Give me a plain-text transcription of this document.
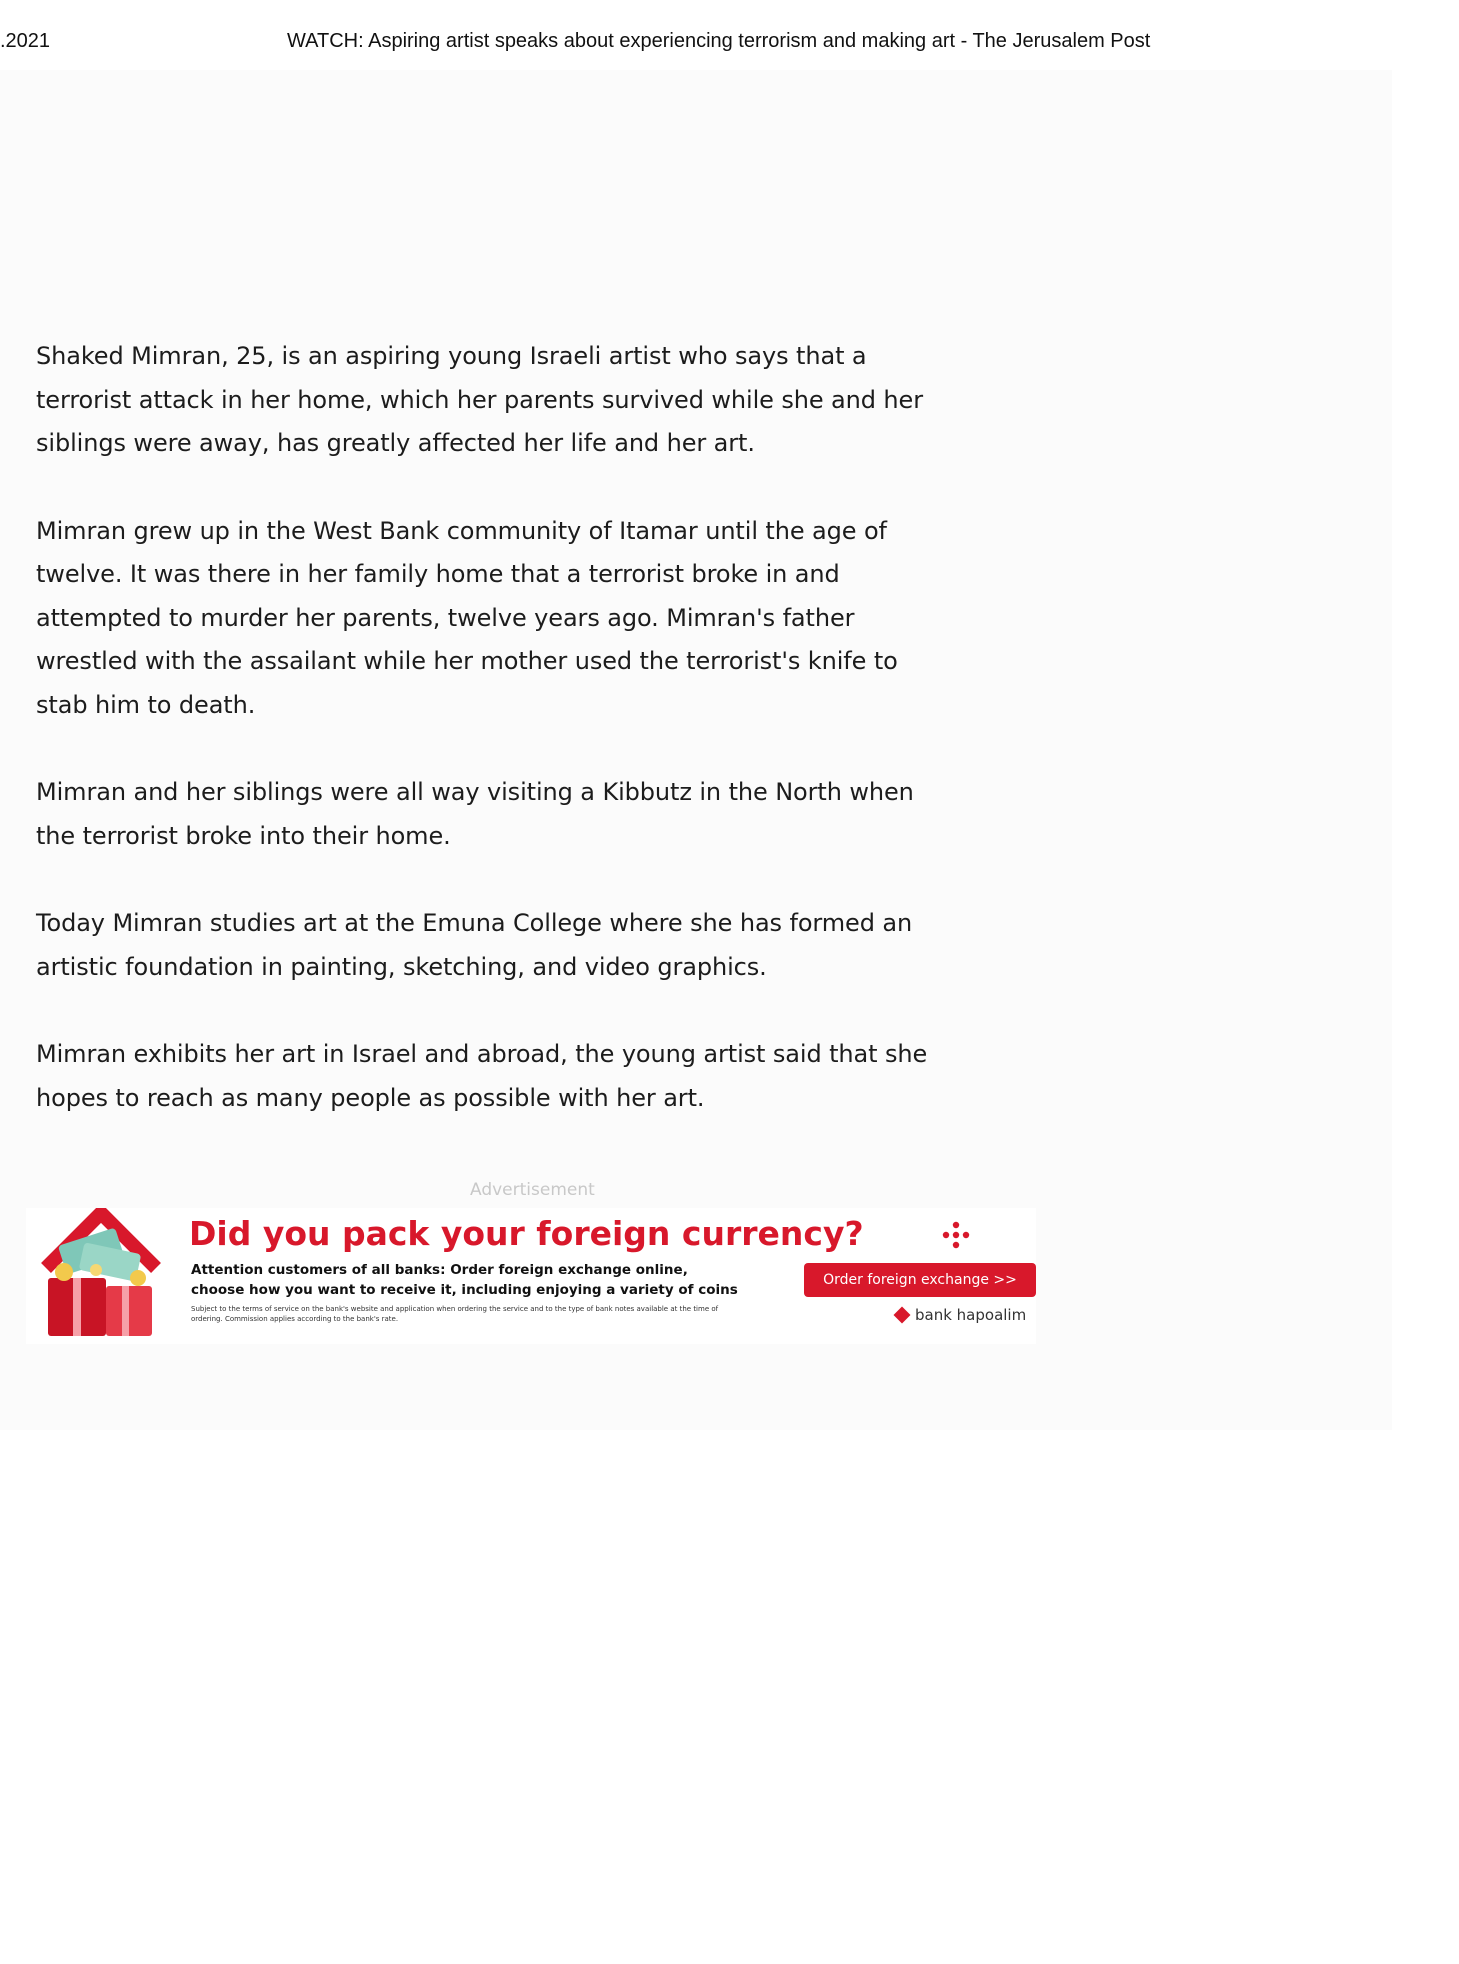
.2021	WATCH: Aspiring artist speaks about experiencing terrorism and making art - The Jerusalem Post

Shaked Mimran, 25, is an aspiring young Israeli artist who says that a terrorist attack in her home, which her parents survived while she and her siblings were away, has greatly affected her life and her art.

Mimran grew up in the West Bank community of Itamar until the age of twelve. It was there in her family home that a terrorist broke in and attempted to murder her parents, twelve years ago. Mimran's father wrestled with the assailant while her mother used the terrorist's knife to stab him to death.

Mimran and her siblings were all way visiting a Kibbutz in the North when the terrorist broke into their home.

Today Mimran studies art at the Emuna College where she has formed an artistic foundation in painting, sketching, and video graphics.

Mimran exhibits her art in Israel and abroad, the young artist said that she hopes to reach as many people as possible with her art.

Advertisement
Did you pack your foreign currency?
Attention customers of all banks: Order foreign exchange online,
choose how you want to receive it, including enjoying a variety of coins
Subject to the terms of service on the bank's website and application when ordering the service and to the type of bank notes available at the time of ordering. Commission applies according to the bank's rate.
Order foreign exchange >>
bank hapoalim
